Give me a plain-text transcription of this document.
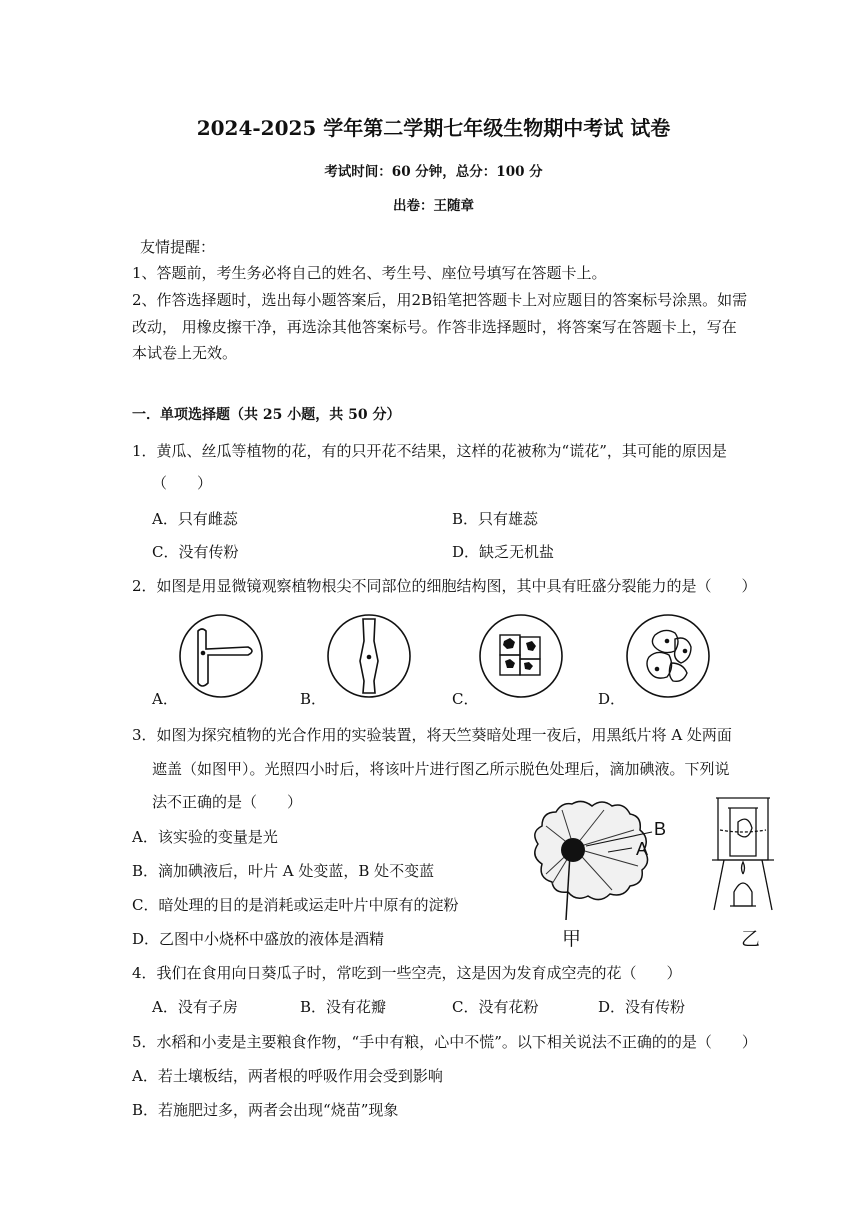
2024-2025 学年第二学期七年级生物期中考试 试卷
考试时间：60 分钟，总分：100 分
出卷：王随章
友情提醒：
1、答题前，考生务必将自己的姓名、考生号、座位号填写在答题卡上。
2、作答选择题时，选出每小题答案后，用2B铅笔把答题卡上对应题目的答案标号涂黑。如需
改动， 用橡皮擦干净，再选涂其他答案标号。作答非选择题时，将答案写在答题卡上，写在
本试卷上无效。
一．单项选择题（共 25 小题，共 50 分）
1．黄瓜、丝瓜等植物的花，有的只开花不结果，这样的花被称为“谎花”，其可能的原因是
（　　）
A．只有雌蕊	B．只有雄蕊
C．没有传粉	D．缺乏无机盐
2．如图是用显微镜观察植物根尖不同部位的细胞结构图，其中具有旺盛分裂能力的是（　　）
A．	B．	C．	D．
3．如图为探究植物的光合作用的实验装置，将天竺葵暗处理一夜后，用黑纸片将 A 处两面
遮盖（如图甲）。光照四小时后，将该叶片进行图乙所示脱色处理后，滴加碘液。下列说
法不正确的是（　　）
A．该实验的变量是光
B．滴加碘液后，叶片 A 处变蓝，B 处不变蓝
C．暗处理的目的是消耗或运走叶片中原有的淀粉
D．乙图中小烧杯中盛放的液体是酒精
B
A
甲	乙
4．我们在食用向日葵瓜子时，常吃到一些空壳，这是因为发育成空壳的花（　　）
A．没有子房	B．没有花瓣	C．没有花粉	D．没有传粉
5．水稻和小麦是主要粮食作物，“手中有粮，心中不慌”。以下相关说法不正确的的是（　　）
A．若土壤板结，两者根的呼吸作用会受到影响
B．若施肥过多，两者会出现“烧苗”现象
